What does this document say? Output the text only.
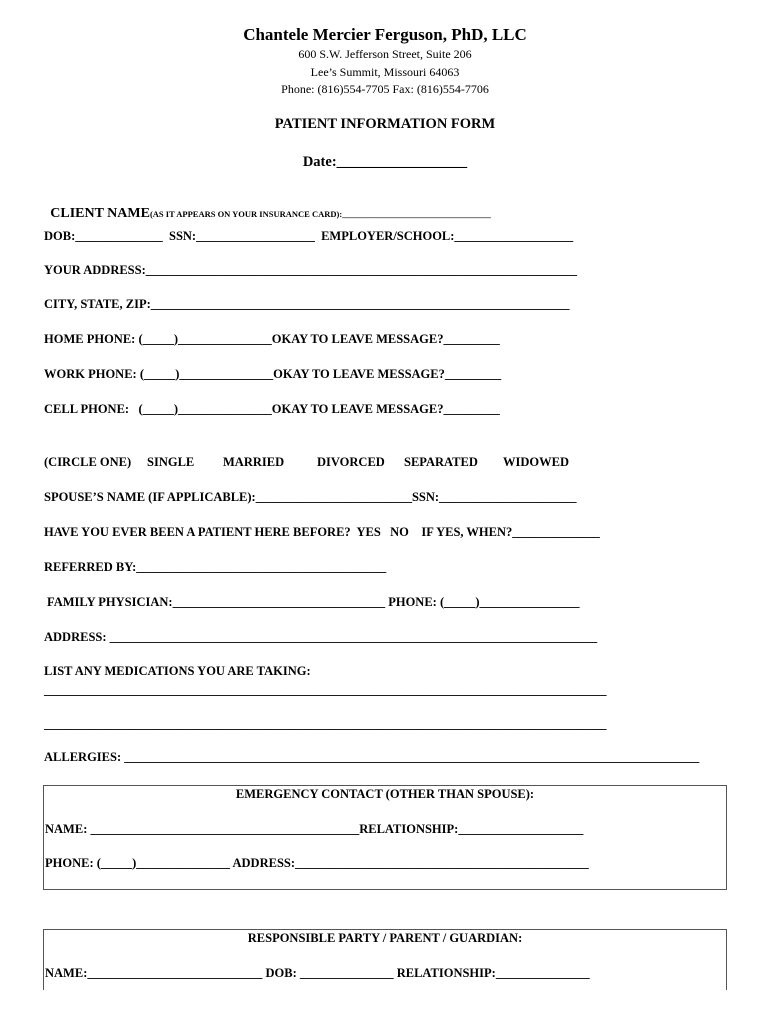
Chantele Mercier Ferguson, PhD, LLC
600 S.W. Jefferson Street, Suite 206
Lee’s Summit, Missouri 64063
Phone: (816)554-7705 Fax: (816)554-7706
PATIENT INFORMATION FORM
Date:__________________

CLIENT NAME(AS IT APPEARS ON YOUR INSURANCE CARD):___________________________________

DOB:______________  SSN:___________________  EMPLOYER/SCHOOL:___________________
YOUR ADDRESS:_____________________________________________________________________
CITY, STATE, ZIP:___________________________________________________________________
HOME PHONE: (_____)_______________OKAY TO LEAVE MESSAGE?_________
WORK PHONE: (_____)_______________OKAY TO LEAVE MESSAGE?_________
CELL PHONE:   (_____)_______________OKAY TO LEAVE MESSAGE?_________
(CIRCLE ONE) SINGLE MARRIED	DIVORCED SEPARATED WIDOWED
SPOUSE’S NAME (IF APPLICABLE):_________________________SSN:______________________
HAVE YOU EVER BEEN A PATIENT HERE BEFORE?  YES   NO    IF YES, WHEN?______________
REFERRED BY:________________________________________
FAMILY PHYSICIAN:__________________________________ PHONE: (_____)________________
ADDRESS: ______________________________________________________________________________
LIST ANY MEDICATIONS YOU ARE TAKING:
__________________________________________________________________________________________
__________________________________________________________________________________________
ALLERGIES: ____________________________________________________________________________________________
EMERGENCY CONTACT (OTHER THAN SPOUSE):
NAME: ___________________________________________RELATIONSHIP:____________________
PHONE: (_____)_______________ ADDRESS:_______________________________________________
RESPONSIBLE PARTY / PARENT / GUARDIAN:
NAME:____________________________ DOB: _______________ RELATIONSHIP:_______________
